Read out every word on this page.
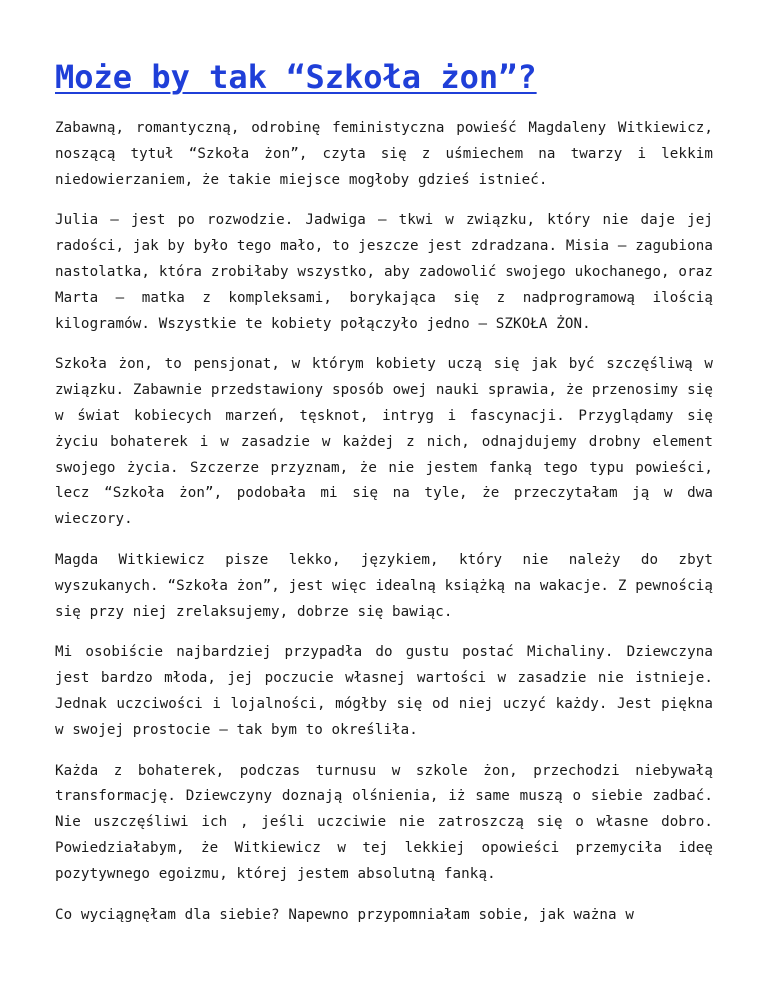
Może by tak “Szkoła żon”?

Zabawną, romantyczną, odrobinę feministyczna powieść Magdaleny Witkiewicz, noszącą tytuł “Szkoła żon”, czyta się z uśmiechem na twarzy i lekkim niedowierzaniem, że takie miejsce mogłoby gdzieś istnieć.

Julia – jest po rozwodzie. Jadwiga – tkwi w związku, który nie daje jej radości, jak by było tego mało, to jeszcze jest zdradzana. Misia – zagubiona nastolatka, która zrobiłaby wszystko, aby zadowolić swojego ukochanego, oraz Marta – matka z kompleksami, borykająca się z nadprogramową ilością kilogramów. Wszystkie te kobiety połączyło jedno – SZKOŁA ŻON.

Szkoła żon, to pensjonat, w którym kobiety uczą się jak być szczęśliwą w związku. Zabawnie przedstawiony sposób owej nauki sprawia, że przenosimy się w świat kobiecych marzeń, tęsknot, intryg i fascynacji. Przyglądamy się życiu bohaterek i w zasadzie w każdej z nich, odnajdujemy drobny element swojego życia. Szczerze przyznam, że nie jestem fanką tego typu powieści, lecz “Szkoła żon”, podobała mi się na tyle, że przeczytałam ją w dwa wieczory.

Magda Witkiewicz pisze lekko, językiem, który nie należy do zbyt wyszukanych. “Szkoła żon”, jest więc idealną książką na wakacje. Z pewnością się przy niej zrelaksujemy, dobrze się bawiąc.

Mi osobiście najbardziej przypadła do gustu postać Michaliny. Dziewczyna jest bardzo młoda, jej poczucie własnej wartości w zasadzie nie istnieje. Jednak uczciwości i lojalności, mógłby się od niej uczyć każdy. Jest piękna w swojej prostocie – tak bym to określiła.

Każda z bohaterek, podczas turnusu w szkole żon, przechodzi niebywałą transformację. Dziewczyny doznają olśnienia, iż same muszą o siebie zadbać. Nie uszczęśliwi ich , jeśli uczciwie nie zatroszczą się o własne dobro. Powiedziałabym, że Witkiewicz w tej lekkiej opowieści przemyciła ideę pozytywnego egoizmu, której jestem absolutną fanką.

Co wyciągnęłam dla siebie? Napewno przypomniałam sobie, jak ważna w
